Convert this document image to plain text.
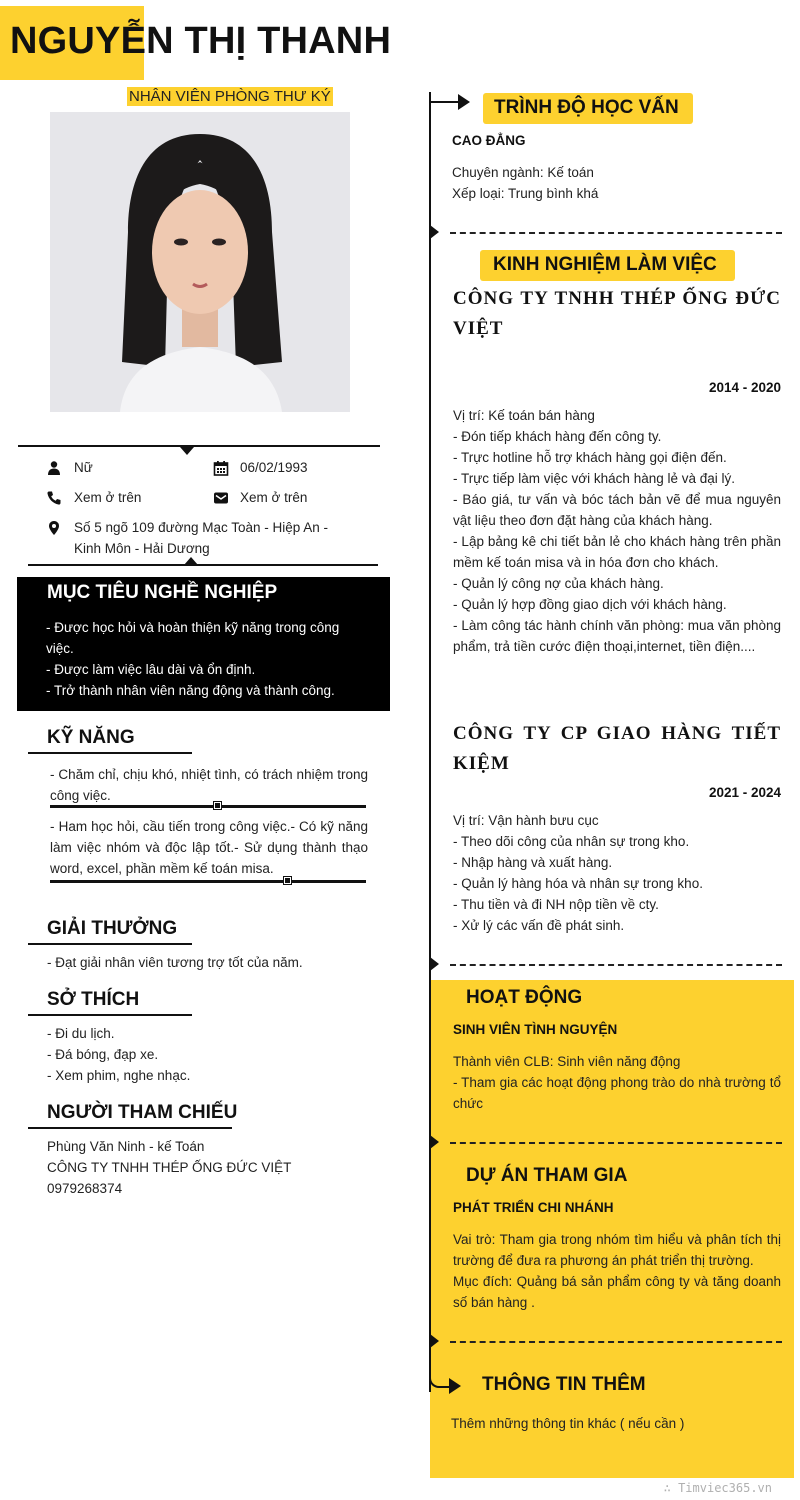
NGUYỄN THỊ THANH
NHÂN VIÊN PHÒNG THƯ KÝ
Nữ	06/02/1993
Xem ở trên	Xem ở trên
Số 5 ngõ 109 đường Mạc Toàn - Hiệp An -
Kinh Môn - Hải Dương
MỤC TIÊU NGHỀ NGHIỆP
- Được học hỏi và hoàn thiện kỹ năng trong công việc.
- Được làm việc lâu dài và ổn định.
- Trở thành nhân viên năng động và thành công.
KỸ NĂNG
- Chăm chỉ, chịu khó, nhiệt tình, có trách nhiệm trong công việc.
- Ham học hỏi, cầu tiến trong công việc.- Có kỹ năng làm việc nhóm và độc lập tốt.- Sử dụng thành thạo word, excel, phần mềm kế toán misa.
GIẢI THƯỞNG
- Đạt giải nhân viên tương trợ tốt của năm.
SỞ THÍCH
- Đi du lịch.
- Đá bóng, đạp xe.
- Xem phim, nghe nhạc.
NGƯỜI THAM CHIẾU
Phùng Văn Ninh - kế Toán
CÔNG TY TNHH THÉP ỐNG ĐỨC VIỆT
0979268374
TRÌNH ĐỘ HỌC VẤN
CAO ĐẲNG
Chuyên ngành: Kế toán
Xếp loại: Trung bình khá
KINH NGHIỆM LÀM VIỆC
CÔNG TY TNHH THÉP ỐNG ĐỨC VIỆT
2014 - 2020
Vị trí: Kế toán bán hàng
- Đón tiếp khách hàng đến công ty.
- Trực hotline hỗ trợ khách hàng gọi điện đến.
- Trực tiếp làm việc với khách hàng lẻ và đại lý.
- Báo giá, tư vấn và bóc tách bản vẽ để mua nguyên vật liệu theo đơn đặt hàng của khách hàng.
- Lập bảng kê chi tiết bản lẻ cho khách hàng trên phần mềm kế toán misa và in hóa đơn cho khách.
- Quản lý công nợ của khách hàng.
- Quản lý hợp đồng giao dịch với khách hàng.
- Làm công tác hành chính văn phòng: mua văn phòng phẩm, trả tiền cước điện thoại,internet, tiền điện....
CÔNG TY CP GIAO HÀNG TIẾT KIỆM
2021 - 2024
Vị trí: Vận hành bưu cục
- Theo dõi công của nhân sự trong kho.
- Nhập hàng và xuất hàng.
- Quản lý hàng hóa và nhân sự trong kho.
- Thu tiền và đi NH nộp tiền về cty.
- Xử lý các vấn đề phát sinh.
HOẠT ĐỘNG
SINH VIÊN TÌNH NGUYỆN
Thành viên CLB: Sinh viên năng động
- Tham gia các hoạt động phong trào do nhà trường tổ chức
DỰ ÁN THAM GIA
PHÁT TRIỂN CHI NHÁNH
Vai trò: Tham gia trong nhóm tìm hiểu và phân tích thị trường để đưa ra phương án phát triển thị trường.
Mục đích: Quảng bá sản phẩm công ty và tăng doanh số bán hàng .
THÔNG TIN THÊM
Thêm những thông tin khác ( nếu cần )
∴ Timviec365.vn
